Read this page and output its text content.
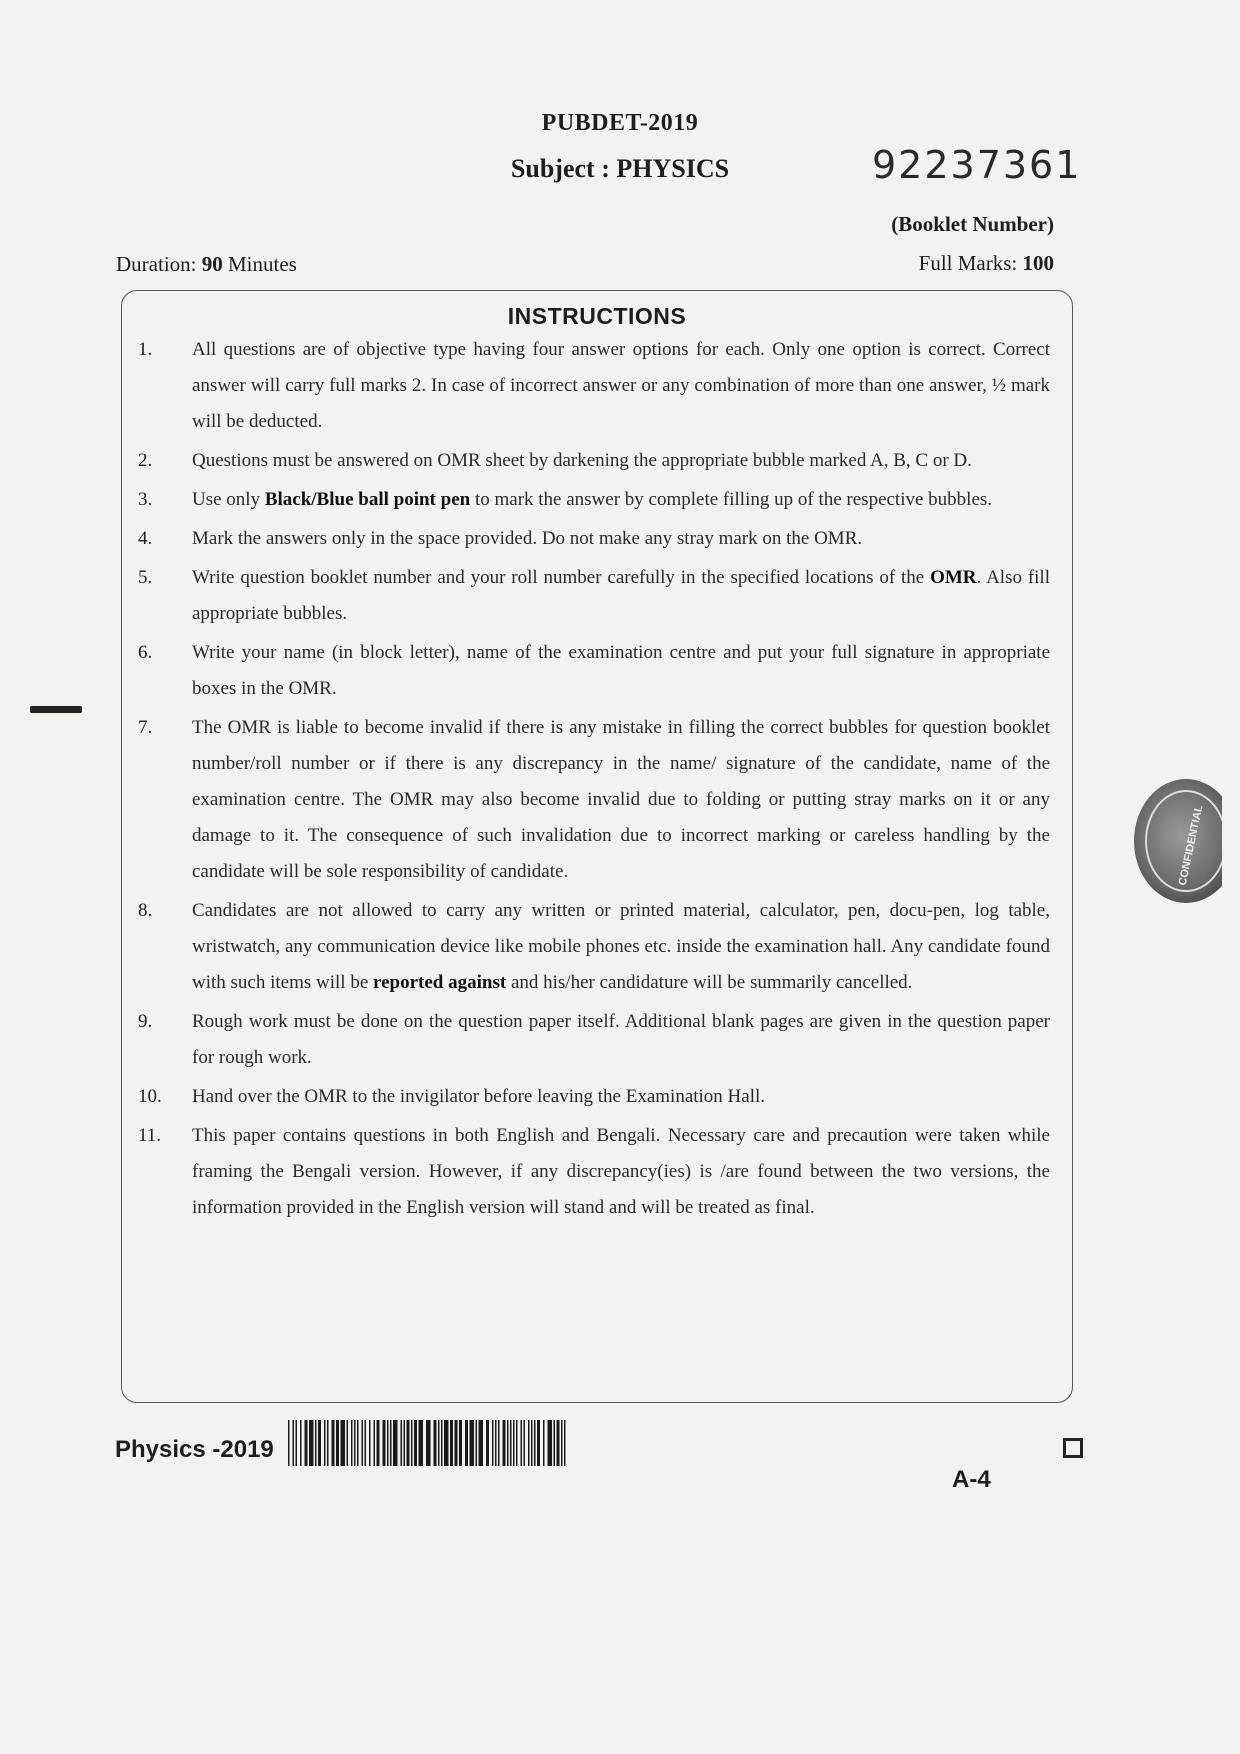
PUBDET-2019
Subject : PHYSICS	92237361
(Booklet Number)
Duration: 90 Minutes	Full Marks: 100
INSTRUCTIONS
1.	All questions are of objective type having four answer options for each. Only one option is correct. Correct answer will carry full marks 2. In case of incorrect answer or any combination of more than one answer, ½ mark will be deducted.
2.	Questions must be answered on OMR sheet by darkening the appropriate bubble marked A, B, C or D.
3.	Use only Black/Blue ball point pen to mark the answer by complete filling up of the respective bubbles.
4.	Mark the answers only in the space provided. Do not make any stray mark on the OMR.
5.	Write question booklet number and your roll number carefully in the specified locations of the OMR. Also fill appropriate bubbles.
6.	Write your name (in block letter), name of the examination centre and put your full signature in appropriate boxes in the OMR.
7.	The OMR is liable to become invalid if there is any mistake in filling the correct bubbles for question booklet number/roll number or if there is any discrepancy in the name/ signature of the candidate, name of the examination centre. The OMR may also become invalid due to folding or putting stray marks on it or any damage to it. The consequence of such invalidation due to incorrect marking or careless handling by the candidate will be sole responsibility of candidate.
8.	Candidates are not allowed to carry any written or printed material, calculator, pen, docu-pen, log table, wristwatch, any communication device like mobile phones etc. inside the examination hall. Any candidate found with such items will be reported against and his/her candidature will be summarily cancelled.
9.	Rough work must be done on the question paper itself. Additional blank pages are given in the question paper for rough work.
10.	Hand over the OMR to the invigilator before leaving the Examination Hall.
11.	This paper contains questions in both English and Bengali. Necessary care and precaution were taken while framing the Bengali version. However, if any discrepancy(ies) is /are found between the two versions, the information provided in the English version will stand and will be treated as final.
Physics -2019
A-4
CONFIDENTIAL
